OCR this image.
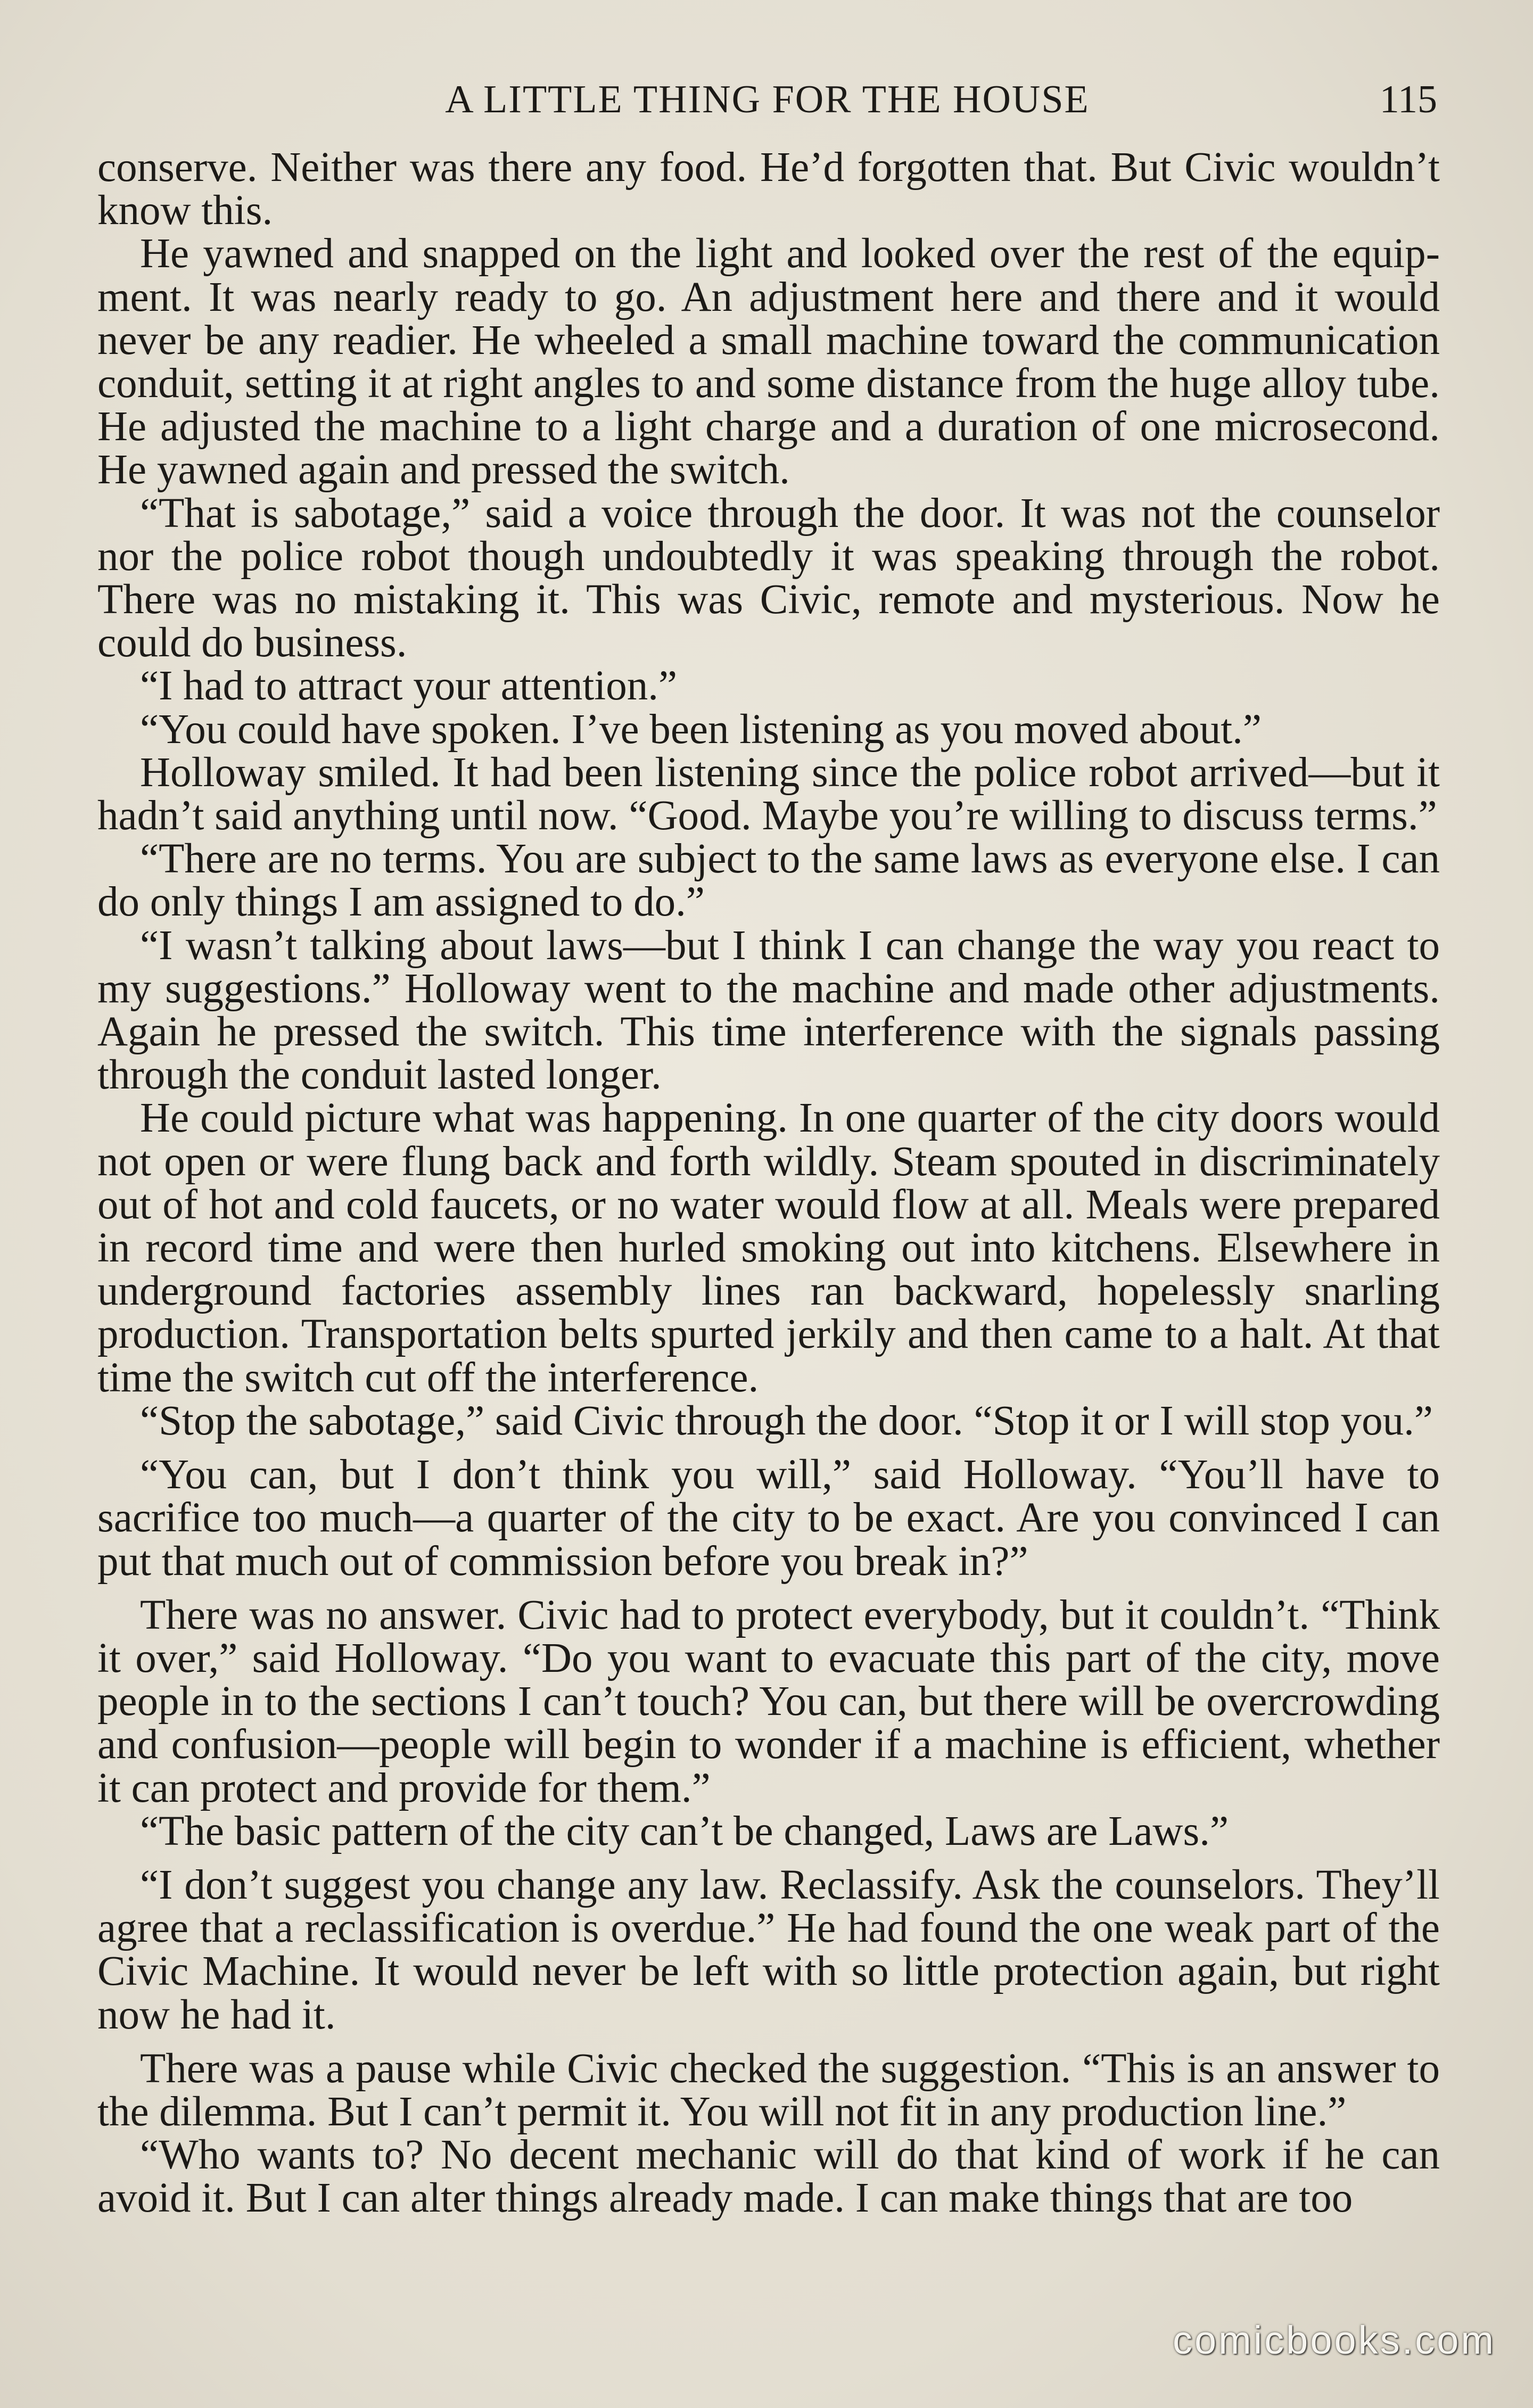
A LITTLE THING FOR THE HOUSE	115

conserve. Neither was there any food. He’d forgotten that. But Civic wouldn’t know this.

He yawned and snapped on the light and looked over the rest of the equipment. It was nearly ready to go. An adjustment here and there and it would never be any readier. He wheeled a small machine toward the communication conduit, setting it at right angles to and some distance from the huge alloy tube. He adjusted the machine to a light charge and a duration of one microsecond. He yawned again and pressed the switch.

“That is sabotage,” said a voice through the door. It was not the counselor nor the police robot though undoubtedly it was speaking through the robot. There was no mistaking it. This was Civic, remote and mysterious. Now he could do business.

“I had to attract your attention.”

“You could have spoken. I’ve been listening as you moved about.”

Holloway smiled. It had been listening since the police robot arrived—but it hadn’t said anything until now. “Good. Maybe you’re willing to discuss terms.”

“There are no terms. You are subject to the same laws as everyone else. I can do only things I am assigned to do.”

“I wasn’t talking about laws—but I think I can change the way you react to my suggestions.” Holloway went to the machine and made other adjustments. Again he pressed the switch. This time interference with the signals passing through the conduit lasted longer.

He could picture what was happening. In one quarter of the city doors would not open or were flung back and forth wildly. Steam spouted in discriminately out of hot and cold faucets, or no water would flow at all. Meals were prepared in record time and were then hurled smoking out into kitchens. Elsewhere in underground factories assembly lines ran backward, hopelessly snarling production. Transportation belts spurted jerkily and then came to a halt. At that time the switch cut off the interference.

“Stop the sabotage,” said Civic through the door. “Stop it or I will stop you.”

“You can, but I don’t think you will,” said Holloway. “You’ll have to sacrifice too much—a quarter of the city to be exact. Are you convinced I can put that much out of commission before you break in?”

There was no answer. Civic had to protect everybody, but it couldn’t. “Think it over,” said Holloway. “Do you want to evacuate this part of the city, move people in to the sections I can’t touch? You can, but there will be overcrowding and confusion—people will begin to wonder if a machine is efficient, whether it can protect and provide for them.”

“The basic pattern of the city can’t be changed, Laws are Laws.”

“I don’t suggest you change any law. Reclassify. Ask the counselors. They’ll agree that a reclassification is overdue.” He had found the one weak part of the Civic Machine. It would never be left with so little protection again, but right now he had it.

There was a pause while Civic checked the suggestion. “This is an answer to the dilemma. But I can’t permit it. You will not fit in any production line.”

“Who wants to? No decent mechanic will do that kind of work if he can avoid it. But I can alter things already made. I can make things that are too

comicbooks.com
